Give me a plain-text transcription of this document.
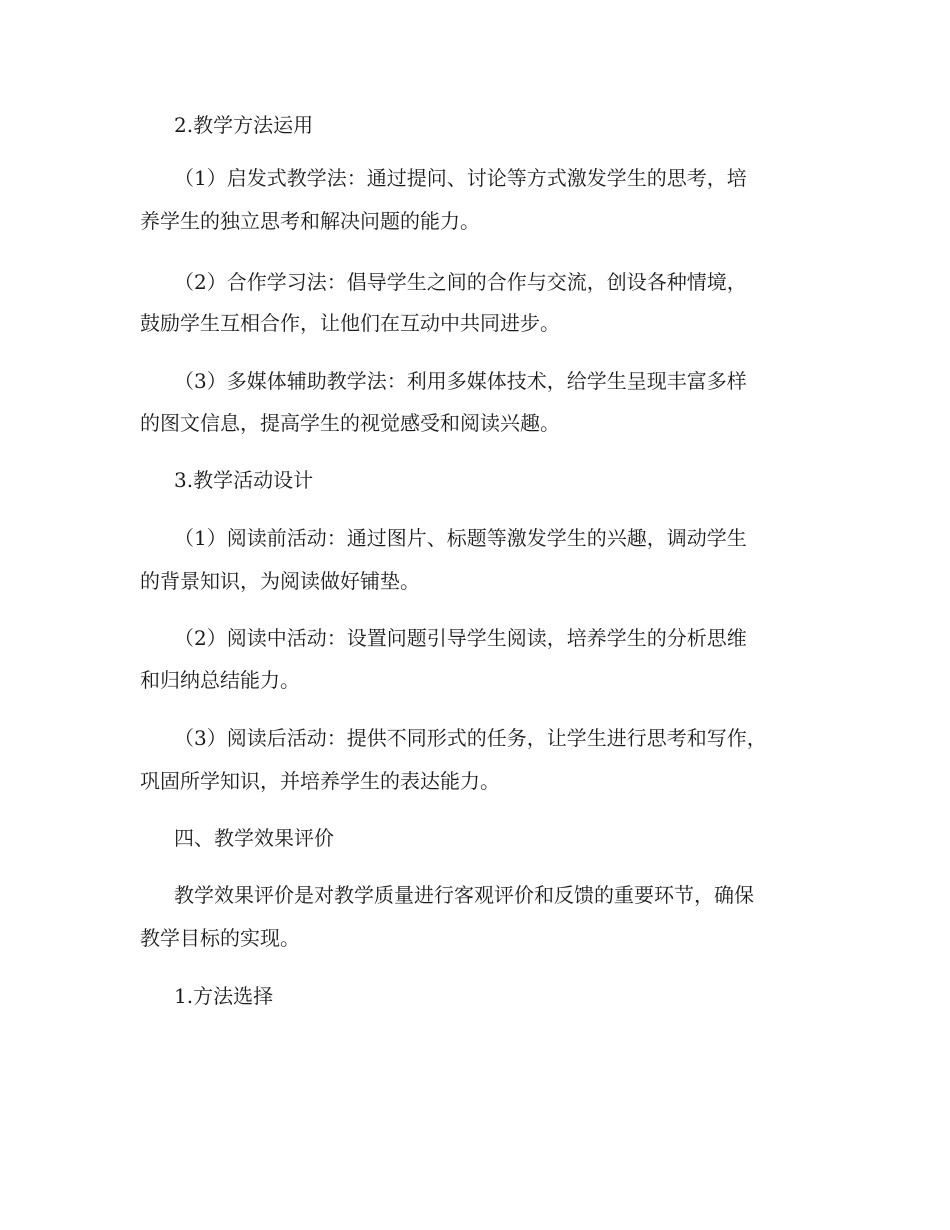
2.教学方法运用
（1）启发式教学法：通过提问、讨论等方式激发学生的思考，培
养学生的独立思考和解决问题的能力。
（2）合作学习法：倡导学生之间的合作与交流，创设各种情境，
鼓励学生互相合作，让他们在互动中共同进步。
（3）多媒体辅助教学法：利用多媒体技术，给学生呈现丰富多样
的图文信息，提高学生的视觉感受和阅读兴趣。
3.教学活动设计
（1）阅读前活动：通过图片、标题等激发学生的兴趣，调动学生
的背景知识，为阅读做好铺垫。
（2）阅读中活动：设置问题引导学生阅读，培养学生的分析思维
和归纳总结能力。
（3）阅读后活动：提供不同形式的任务，让学生进行思考和写作，
巩固所学知识，并培养学生的表达能力。
四、教学效果评价
教学效果评价是对教学质量进行客观评价和反馈的重要环节，确保
教学目标的实现。
1.方法选择
